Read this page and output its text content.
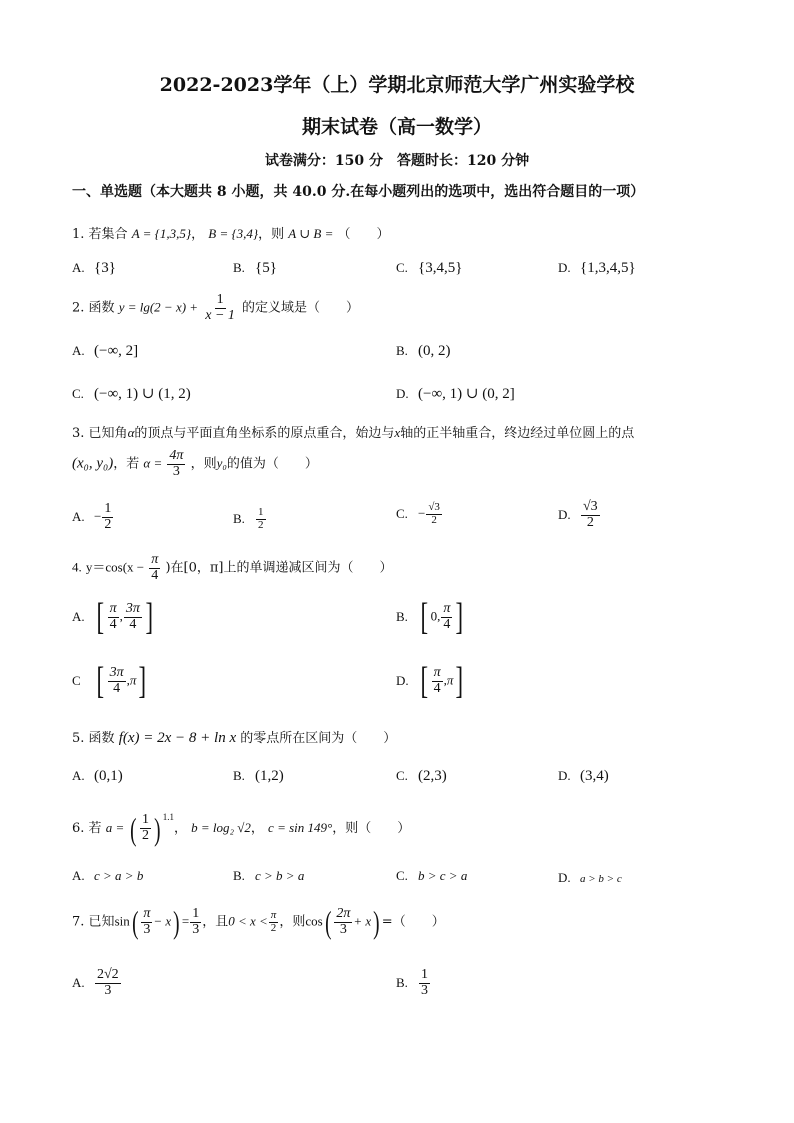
2022-2023学年（上）学期北京师范大学广州实验学校
期末试卷（高一数学）
试卷满分：150 分　答题时长：120 分钟
一、单选题（本大题共 8 小题，共 40.0 分.在每小题列出的选项中，选出符合题目的一项）
1. 若集合 A = {1,3,5}， B = {3,4}，则 A ∪ B = （　　）
A. {3}	B. {5}	C. {3,4,5}	D. {1,3,4,5}
2. 函数 $y = \lg(2 - x) + \frac{1}{x - 1}$ 的定义域是（　　）
A. (−∞, 2]	B. (0, 2)
C. (−∞, 1) ∪ (1, 2)	D. (−∞, 1) ∪ (0, 2]
3. 已知角α的顶点与平面直角坐标系的原点重合，始边与x轴的正半轴重合，终边经过单位圆上的点
(x₀, y₀)，若 $\alpha = \frac{4\pi}{3}$ ，则y₀的值为（　　）
A. − $\frac{1}{2}$	B. $\frac{1}{2}$	C. − $\frac{√3}{2}$	D. $\frac{√3}{2}$
4. $y=\cos(x - \frac{\pi}{4}$ )在[0，π]上的单调递减区间为（　　）
A. [ $\frac{\pi}{4}$ , $\frac{3\pi}{4}$ ]	B. [ 0, $\frac{\pi}{4}$ ]
C [ $\frac{3\pi}{4} ,\pi$]	D. [ $\frac{\pi}{4} ,\pi$]
5. 函数 f(x) = 2x − 8 + ln x 的零点所在区间为（　　）
A. (0,1)	B. (1,2)	C. (2,3)	D. (3,4)
6. 若 a = ( $\frac{1}{2}$ ) $^{1.1}$， b = log₂ √2， c = sin 149°，则（　　）
A. c > a > b	B. c > b > a	C. b > c > a	D. a > b > c
7. 已知$\sin( \frac{\pi}{3} - x) = \frac{1}{3}$ ，且$0 < x < \frac{\pi}{2}$ ，则$\cos( \frac{2\pi}{3} + x)$ =（　　）
A. $\frac{2√2}{3}$	B. $\frac{1}{3}$
